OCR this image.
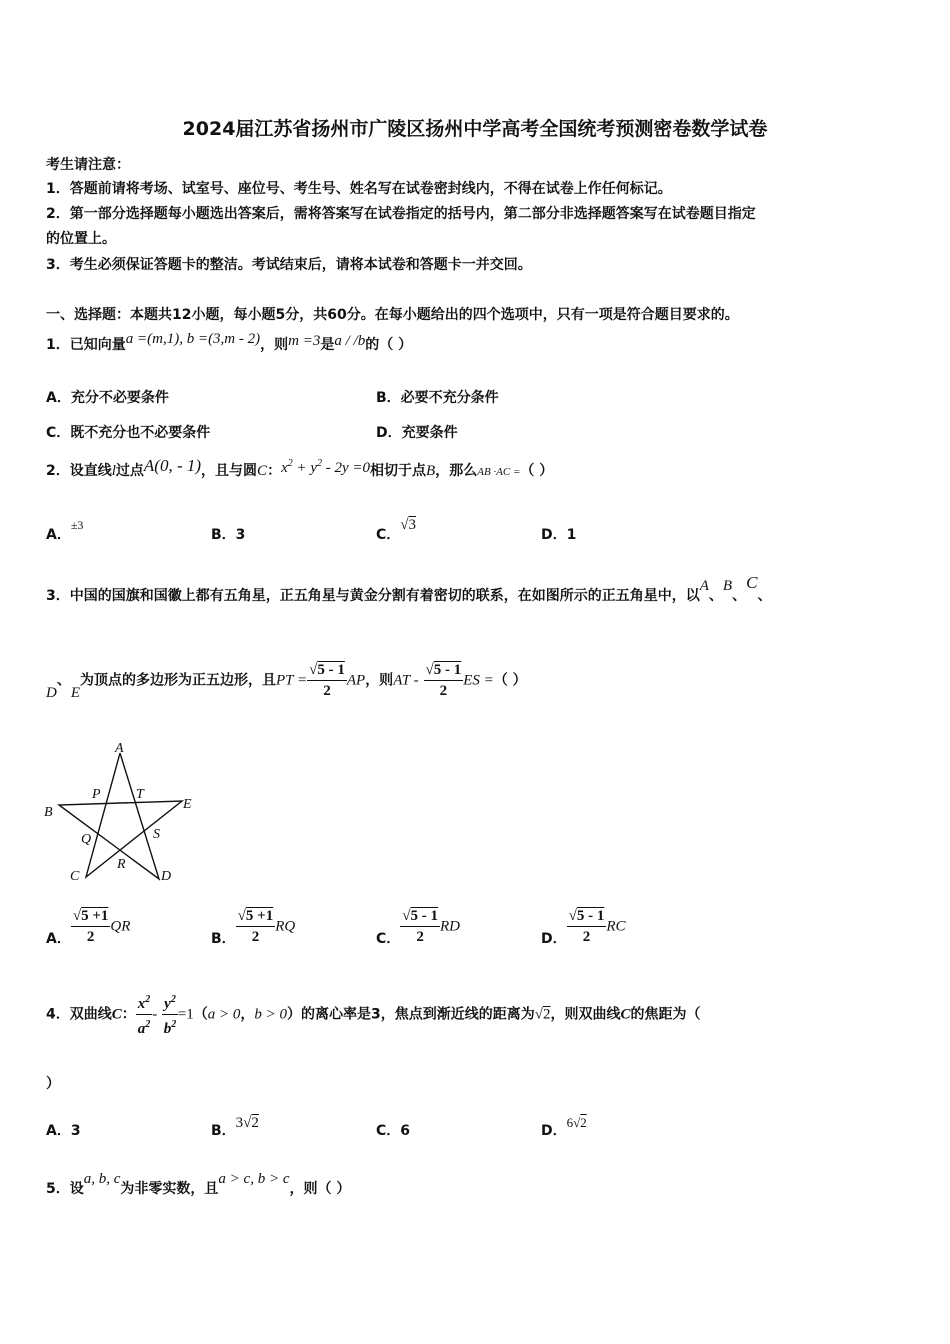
2024届江苏省扬州市广陵区扬州中学高考全国统考预测密卷数学试卷
考生请注意：
1．答题前请将考场、试室号、座位号、考生号、姓名写在试卷密封线内，不得在试卷上作任何标记。
2．第一部分选择题每小题选出答案后，需将答案写在试卷指定的括号内，第二部分非选择题答案写在试卷题目指定
的位置上。
3．考生必须保证答题卡的整洁。考试结束后，请将本试卷和答题卡一并交回。
一、选择题：本题共12小题，每小题5分，共60分。在每小题给出的四个选项中，只有一项是符合题目要求的。
1．已知向量a =(m,1), b =(3,m - 2)，则m =3是a / /b的（ ）
A．充分不必要条件	B．必要不充分条件
C．既不充分也不必要条件	D．充要条件
2．设直线l过点A(0, - 1)，且与圆C：$x^2 + y^2 - 2y =0$相切于点B，那么AB ·AC =（ ）
A．±3
B．3	C．√3
D．1
3．中国的国旗和国徽上都有五角星，正五角星与黄金分割有着密切的联系，在如图所示的正五角星中，以A、B、C、
D、E为顶点的多边形为正五边形，且PT = $\frac{√5 - 1}{2}$ AP，则AT - $\frac{√5 - 1}{2}$ ES =（ ）
A
B
C	D
E
P	T
Q	S
R
A． $\frac{√5 +1}{2}$ QR
B． $\frac{√5 +1}{2}$ RQ
C． $\frac{√5 - 1}{2}$ RD
D． $\frac{√5 - 1}{2}$ RC
4．双曲线C： $\frac{x^2}{a^2} - \frac{y^2}{b^2} =1(a > 0$，b > 0）的离心率是3，焦点到渐近线的距离为√2，则双曲线C的焦距为（
）
A．3	B．3√2	C．6	D．6√2
5．设a, b, c为非零实数，且a > c, b > c，则（ ）
